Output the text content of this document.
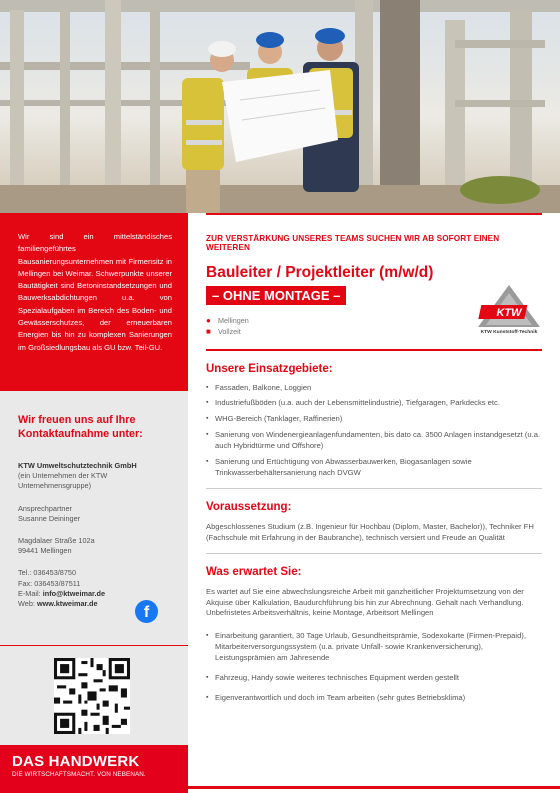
Wir sind ein mittelständisches familiengeführtes Bausanierungsunternehmen mit Firmensitz in Mellingen bei Weimar. Schwerpunkte unserer Bautätigkeit sind Betoninstandsetzungen und Bauwerksabdichtungen u.a. von Spezialaufgaben im Bereich des Boden- und Gewässerschutzes, der erneuerbaren Energien bis hin zu komplexen Sanierungen im Großsiedlungsbau als GU bzw. Teil-GU.
Wir freuen uns auf Ihre Kontaktaufnahme unter:
KTW Umweltschutztechnik GmbH
(ein Unternehmen der KTW Unternehmensgruppe)
Ansprechpartner
Susanne Deininger
Magdalaer Straße 102a
99441 Mellingen
Tel.: 036453/8750
Fax: 036453/87511
E-Mail: info@ktweimar.de
Web: www.ktweimar.de
f
DAS HANDWERK
DIE WIRTSCHAFTSMACHT. VON NEBENAN.
ZUR VERSTÄRKUNG UNSERES TEAMS SUCHEN WIR AB SOFORT EINEN WEITEREN
Bauleiter / Projektleiter (m/w/d)
– OHNE MONTAGE –
● Mellingen
■ Vollzeit
KTW
KTW Kunststoff-Technik
Unsere Einsatzgebiete:
▪ Fassaden, Balkone, Loggien
▪ Industriefußböden (u.a. auch der Lebensmittelindustrie), Tiefgaragen, Parkdecks etc.
▪ WHG-Bereich (Tanklager, Raffinerien)
▪ Sanierung von Windenergieanlagenfundamenten, bis dato ca. 3500 Anlagen instandgesetzt (u.a. auch Hybridtürme und Offshore)
▪ Sanierung und Ertüchtigung von Abwasserbauwerken, Biogasanlagen sowie Trinkwasserbehältersanierung nach DVGW
Voraussetzung:
Abgeschlossenes Studium (z.B. Ingenieur für Hochbau (Diplom, Master, Bachelor)), Techniker FH (Fachschule mit Erfahrung in der Baubranche), technisch versiert und Freude an Qualität
Was erwartet Sie:
Es wartet auf Sie eine abwechslungsreiche Arbeit mit ganzheitlicher Projektumsetzung von der Akquise über Kalkulation, Baudurchführung bis hin zur Abrechnung. Gehalt nach Verhandlung. Unbefristetes Arbeitsverhältnis, keine Montage, Arbeitsort Mellingen
▪ Einarbeitung garantiert, 30 Tage Urlaub, Gesundheitsprämie, Sodexokarte (Firmen-Prepaid), Mitarbeiterversorgungssystem (u.a. private Unfall- sowie Krankenversicherung), Leistungsprämien am Jahresende
▪ Fahrzeug, Handy sowie weiteres technisches Equipment werden gestellt
▪ Eigenverantwortlich und doch im Team arbeiten (sehr gutes Betriebsklima)
